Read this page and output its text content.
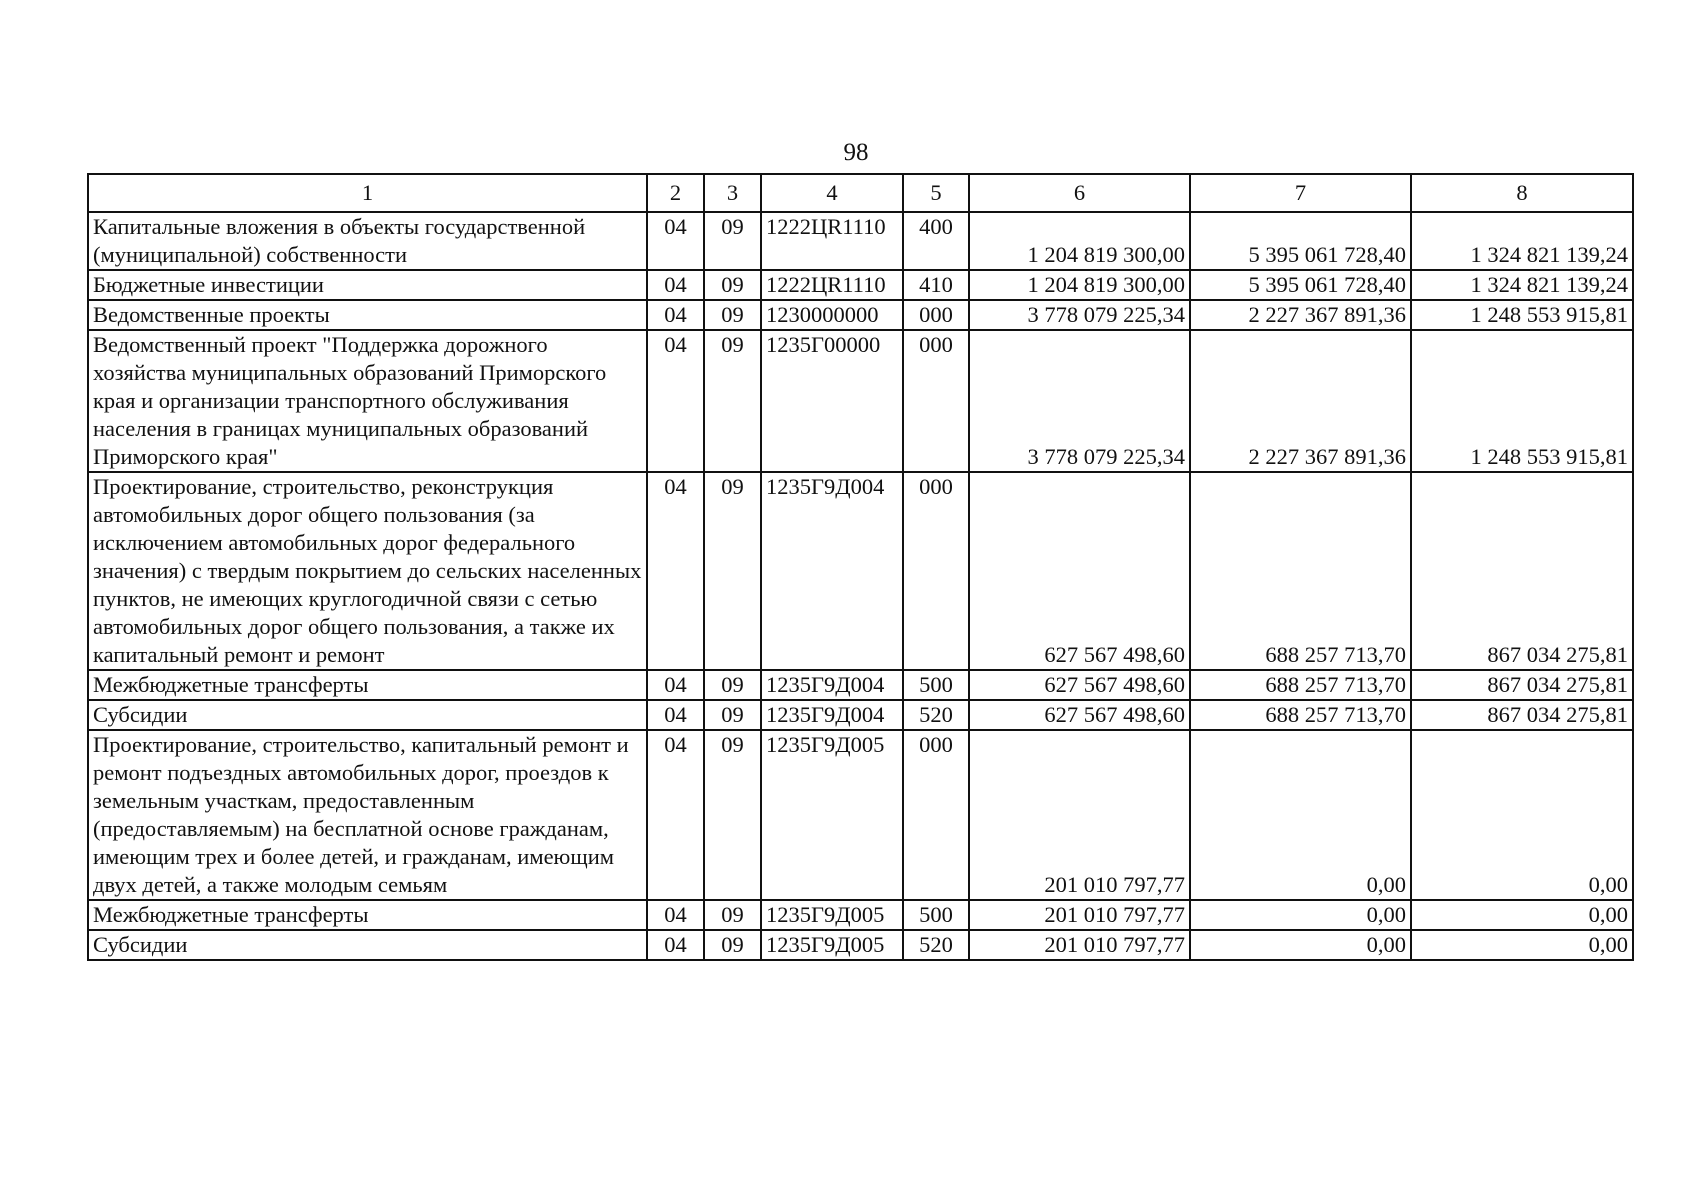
98
1	2	3	4	5	6	7	8
Капитальные вложения в объекты государственной (муниципальной) собственности	04	09	1222ЦR1110	400	1 204 819 300,00	5 395 061 728,40	1 324 821 139,24
Бюджетные инвестиции	04	09	1222ЦR1110	410	1 204 819 300,00	5 395 061 728,40	1 324 821 139,24
Ведомственные проекты	04	09	1230000000	000	3 778 079 225,34	2 227 367 891,36	1 248 553 915,81
Ведомственный проект "Поддержка дорожного хозяйства муниципальных образований Приморского края и организации транспортного обслуживания населения в границах муниципальных образований Приморского края"	04	09	1235Г00000	000	3 778 079 225,34	2 227 367 891,36	1 248 553 915,81
Проектирование, строительство, реконструкция автомобильных дорог общего пользования (за исключением автомобильных дорог федерального значения) с твердым покрытием до сельских населенных пунктов, не имеющих круглогодичной связи с сетью автомобильных дорог общего пользования, а также их капитальный ремонт и ремонт	04	09	1235Г9Д004	000	627 567 498,60	688 257 713,70	867 034 275,81
Межбюджетные трансферты	04	09	1235Г9Д004	500	627 567 498,60	688 257 713,70	867 034 275,81
Субсидии	04	09	1235Г9Д004	520	627 567 498,60	688 257 713,70	867 034 275,81
Проектирование, строительство, капитальный ремонт и ремонт подъездных автомобильных дорог, проездов к земельным участкам, предоставленным (предоставляемым) на бесплатной основе гражданам, имеющим трех и более детей, и гражданам, имеющим двух детей, а также молодым семьям	04	09	1235Г9Д005	000	201 010 797,77	0,00	0,00
Межбюджетные трансферты	04	09	1235Г9Д005	500	201 010 797,77	0,00	0,00
Субсидии	04	09	1235Г9Д005	520	201 010 797,77	0,00	0,00
